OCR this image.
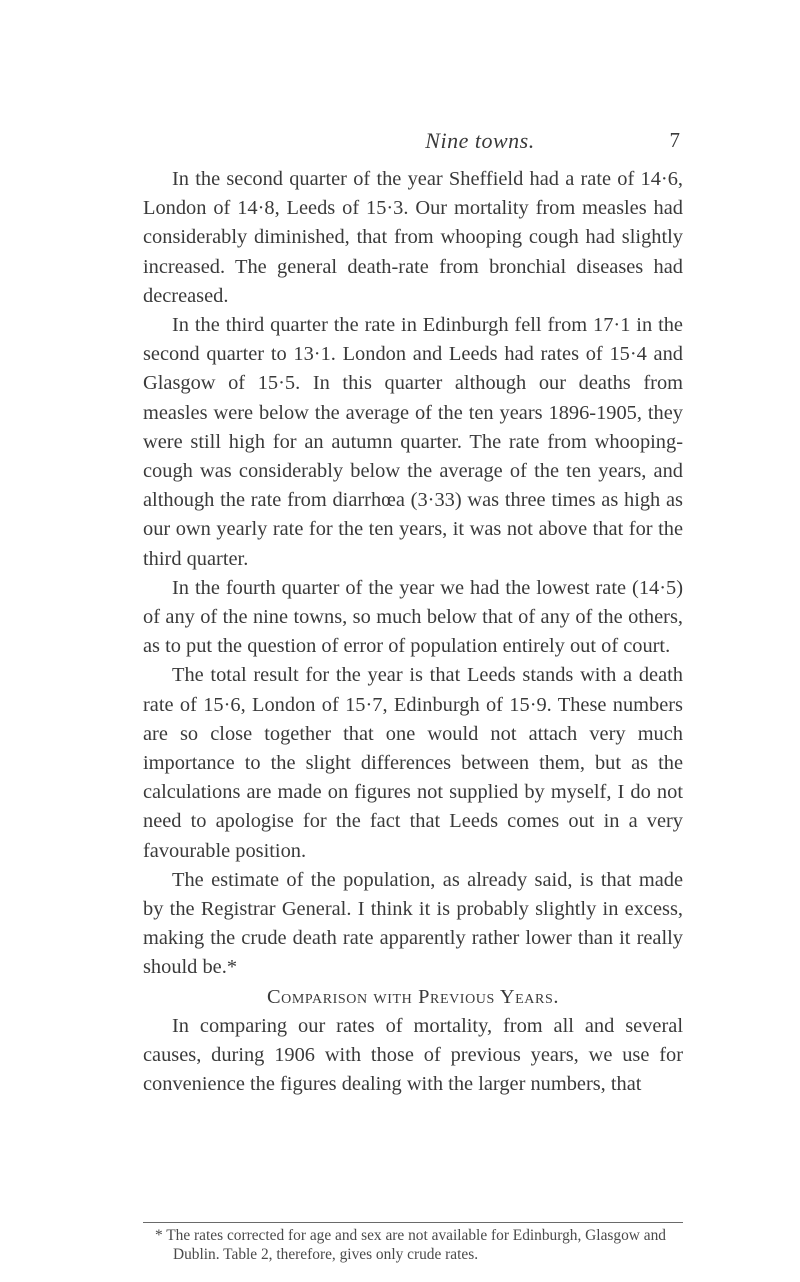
Nine towns.	7

In the second quarter of the year Sheffield had a rate of 14·6, London of 14·8, Leeds of 15·3. Our mortality from measles had considerably diminished, that from whooping cough had slightly increased. The general death-rate from bronchial diseases had decreased.

In the third quarter the rate in Edinburgh fell from 17·1 in the second quarter to 13·1. London and Leeds had rates of 15·4 and Glasgow of 15·5. In this quarter although our deaths from measles were below the average of the ten years 1896-1905, they were still high for an autumn quarter. The rate from whooping-cough was considerably below the average of the ten years, and although the rate from diarrhœa (3·33) was three times as high as our own yearly rate for the ten years, it was not above that for the third quarter.

In the fourth quarter of the year we had the lowest rate (14·5) of any of the nine towns, so much below that of any of the others, as to put the question of error of population entirely out of court.

The total result for the year is that Leeds stands with a death rate of 15·6, London of 15·7, Edinburgh of 15·9. These numbers are so close together that one would not attach very much importance to the slight differences between them, but as the calculations are made on figures not supplied by myself, I do not need to apologise for the fact that Leeds comes out in a very favourable position.

The estimate of the population, as already said, is that made by the Registrar General. I think it is probably slightly in excess, making the crude death rate apparently rather lower than it really should be.*

Comparison with Previous Years.

In comparing our rates of mortality, from all and several causes, during 1906 with those of previous years, we use for convenience the figures dealing with the larger numbers, that

* The rates corrected for age and sex are not available for Edinburgh, Glasgow and Dublin. Table 2, therefore, gives only crude rates.
